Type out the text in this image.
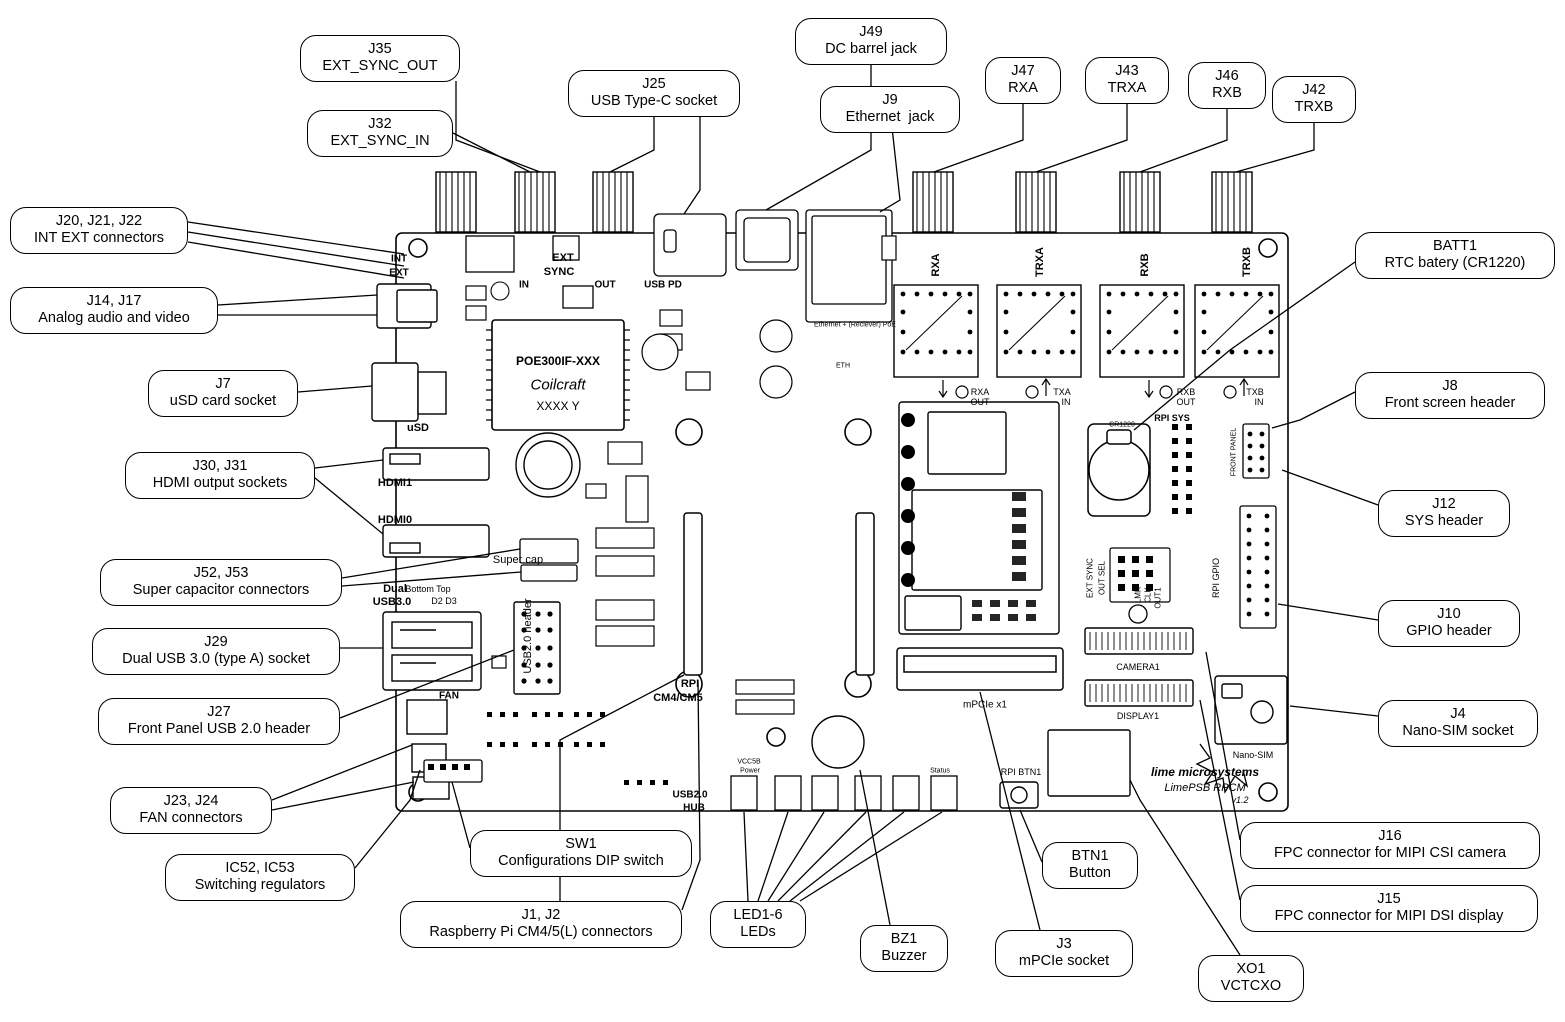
INT
EXT
EXT
SYNC
IN	OUT	USB PD
uSD
HDMI1
HDMI0
Super cap
Dual
USB3.0
Bottom Top
D2 D3	USB2.0 header
FAN
RPI
CM4/CM5
USB2.0
HUB
RXA	TRXA	RXB	TRXB
RXA
OUT
TXA
IN
RXB
OUT
TXB
IN
RPI SYS
CR1220
FRONT PANEL
RPI GPIO
EXT SYNC OUT SEL	LMK CLK OUT1
CAMERA1
DISPLAY1
Nano-SIM
mPCIe x1
RPI BTN1
VCC5B
Power	Status
POE300IF-XXX
Coilcraft
XXXX Y
Ethernet + (Reciever) PoE
ETH
lime microsystems
LimePSB RPCM
v1.2
J35
EXT_SYNC_OUT
J25
USB Type-C socket
J49
DC barrel jack
J9
Ethernet  jack
J47
RXA
J43
TRXA
J46
RXB	J42
TRXB
J32
EXT_SYNC_IN
J20, J21, J22
INT EXT connectors
J14, J17
Analog audio and video
J7
uSD card socket
J30, J31
HDMI output sockets
J52, J53
Super capacitor connectors
J29
Dual USB 3.0 (type A) socket
J27
Front Panel USB 2.0 header
J23, J24
FAN connectors
IC52, IC53
Switching regulators
SW1
Configurations DIP switch
J1, J2
Raspberry Pi CM4/5(L) connectors
LED1-6
LEDs	BZ1
Buzzer
J3
mPCIe socket
BTN1
Button
XO1
VCTCXO
J15
FPC connector for MIPI DSI display
J16
FPC connector for MIPI CSI camera
J4
Nano-SIM socket
J10
GPIO header
J12
SYS header
J8
Front screen header
BATT1
RTC batery (CR1220)
